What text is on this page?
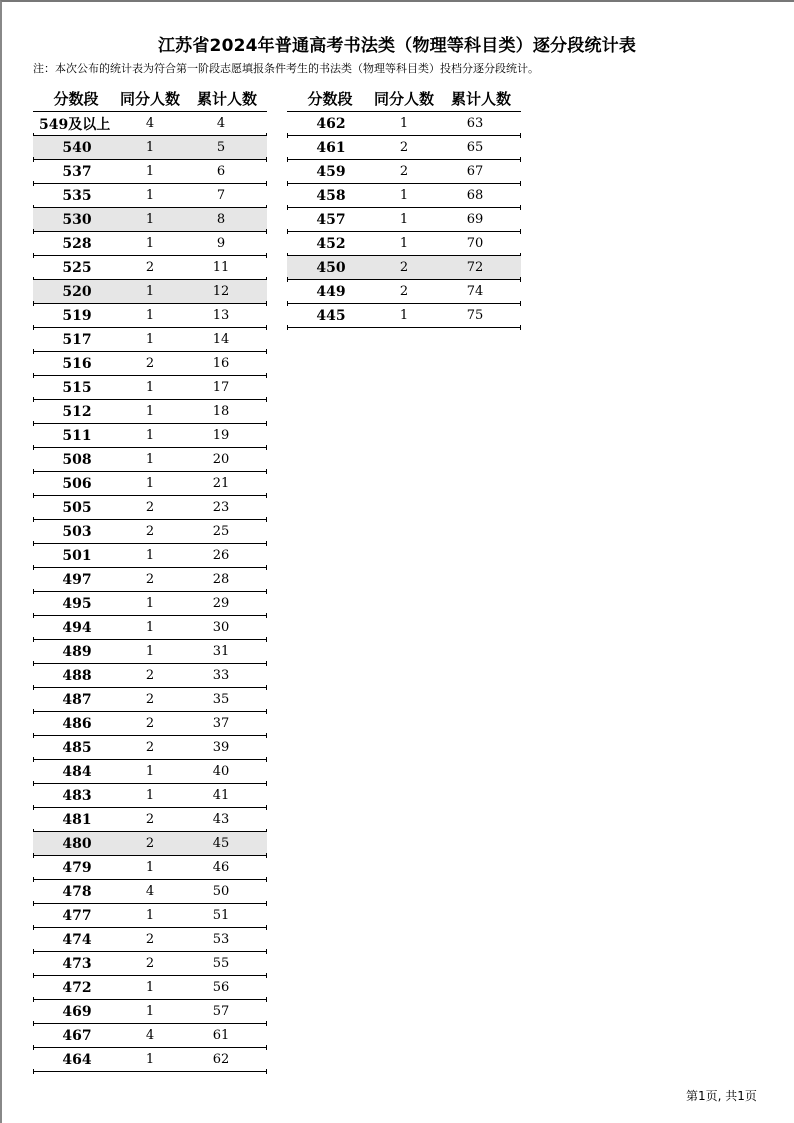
江苏省2024年普通高考书法类（物理等科目类）逐分段统计表
注：本次公布的统计表为符合第一阶段志愿填报条件考生的书法类（物理等科目类）投档分逐分段统计。
分数段	同分人数	累计人数
549及以上	4	4
540	1	5
537	1	6
535	1	7
530	1	8
528	1	9
525	2	11
520	1	12
519	1	13
517	1	14
516	2	16
515	1	17
512	1	18
511	1	19
508	1	20
506	1	21
505	2	23
503	2	25
501	1	26
497	2	28
495	1	29
494	1	30
489	1	31
488	2	33
487	2	35
486	2	37
485	2	39
484	1	40
483	1	41
481	2	43
480	2	45
479	1	46
478	4	50
477	1	51
474	2	53
473	2	55
472	1	56
469	1	57
467	4	61
464	1	62
分数段	同分人数	累计人数
462	1	63
461	2	65
459	2	67
458	1	68
457	1	69
452	1	70
450	2	72
449	2	74
445	1	75
第1页, 共1页
